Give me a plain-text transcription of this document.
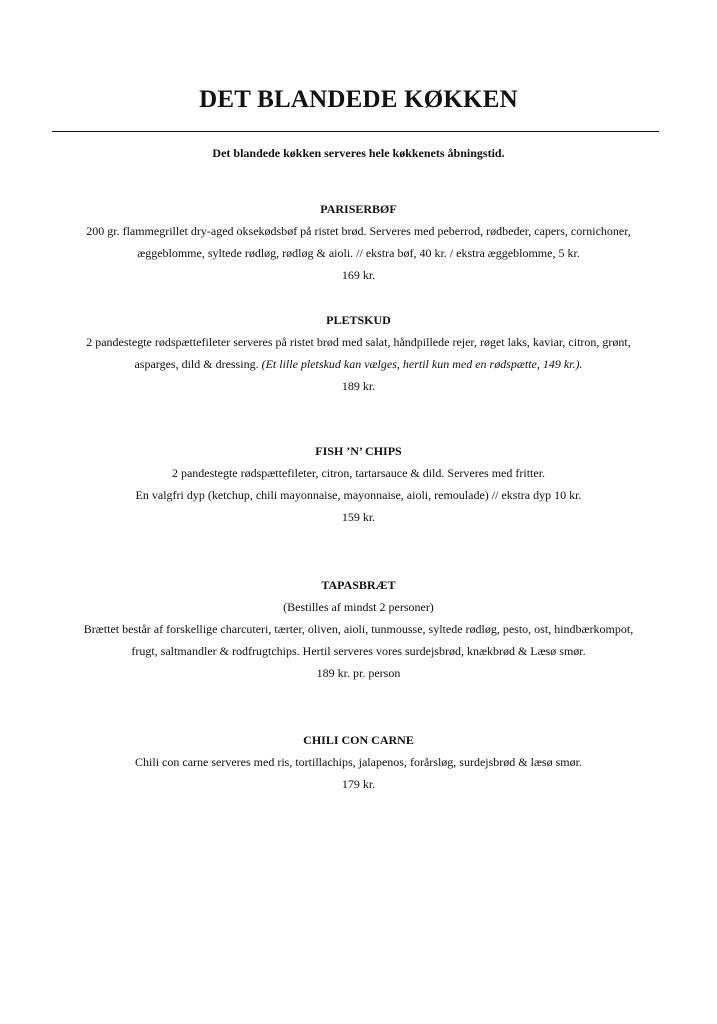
DET BLANDEDE KØKKEN

Det blandede køkken serveres hele køkkenets åbningstid.

PARISERBØF
200 gr. flammegrillet dry-aged oksekødsbøf på ristet brød. Serveres med peberrod, rødbeder, capers, cornichoner,
æggeblomme, syltede rødløg, rødløg & aioli. // ekstra bøf, 40 kr. / ekstra æggeblomme, 5 kr.
169 kr.
PLETSKUD
2 pandestegte rødspættefileter serveres på ristet brød med salat, håndpillede rejer, røget laks, kaviar, citron, grønt,
asparges, dild & dressing. (Et lille pletskud kan vælges, hertil kun med en rødspætte, 149 kr.).
189 kr.
FISH ’N’ CHIPS
2 pandestegte rødspættefileter, citron, tartarsauce & dild. Serveres med fritter.
En valgfri dyp (ketchup, chili mayonnaise, mayonnaise, aioli, remoulade) // ekstra dyp 10 kr.
159 kr.
TAPASBRÆT
(Bestilles af mindst 2 personer)
Brættet består af forskellige charcuteri, tærter, oliven, aioli, tunmousse, syltede rødløg, pesto, ost, hindbærkompot,
frugt, saltmandler & rodfrugtchips. Hertil serveres vores surdejsbrød, knækbrød & Læsø smør.
189 kr. pr. person
CHILI CON CARNE
Chili con carne serveres med ris, tortillachips, jalapenos, forårsløg, surdejsbrød & læsø smør.
179 kr.
